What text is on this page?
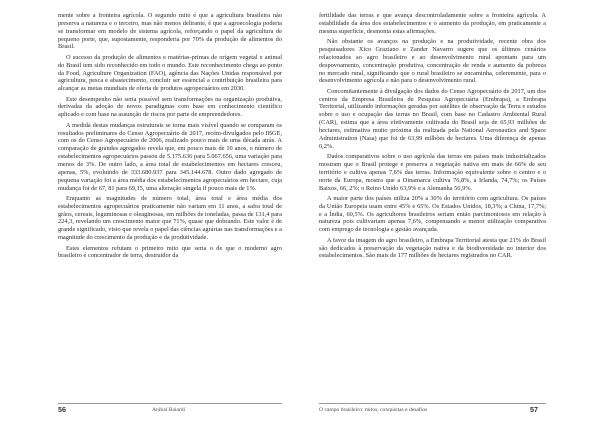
mente sobre a fronteira agrícola. O segundo mito é que a agricultura brasileira não preserva a natureza e o terceiro, mas não menos delirante, é que a agroecologia poderia se transformar em modelo de sistema agrícola, reforçando o papel da agricultura de pequeno porte, que, supostamente, responderia por 70% da produção de alimentos do Brasil.

O sucesso da produção de alimentos e matérias-primas de origem vegetal e animal do Brasil tem sido reconhecido em todo o mundo. Este reconhecimento chega ao ponto da Food, Agriculture Organization (FAO), agência das Nações Unidas responsável por agricultura, pesca e abastecimento, concluir ser essencial a contribuição brasileira para alcançar as metas mundiais de oferta de produtos agropecuários em 2030.

Este desempenho não seria possível sem transformações na organização produtiva, derivadas da adoção de novos paradigmas com base em conhecimento científico aplicado e com base na assunção de riscos por parte de empreendedores.

A medida destas mudanças estruturais se torna mais visível quando se comparam os resultados preliminares do Censo Agropecuário de 2017, recém-divulgados pelo IBGE, com os do Censo Agropecuário de 2006, realizado pouco mais de uma década atrás. A comparação de grandes agregados revela que, em pouco mais de 10 anos, o número de estabelecimentos agropecuários passou de 5.175.636 para 5.067.656, uma variação para menos de 3%. De outro lado, a área total de estabelecimentos em hectares cresceu, apenas, 5%, evoluindo de 333.680.937 para 345.144.678. Outro dado agregado de pequena variação foi a área média dos estabelecimentos agropecuários em hectare, cuja mudança foi de 67, 81 para 69,15, uma alteração singela if pouco mais de 1%.

Enquanto as magnitudes de número total, área total e área média dos estabelecimentos agropecuários praticamente não variam em 11 anos, a safra total de grãos, cereais, leguminosas e oleaginosas, em milhões de toneladas, passa de 131,4 para 224,3, revelando um crescimento maior que 71%, quase que dobrando. Este valor é de grande significado, visto que revela o papel das ciências agrárias nas transformações e a magnitude do crescimento da produção e da produtividade.

Estes elementos refutam o primeiro mito que seria o de que o moderno agro brasileiro é concentrador de terra, destruidor da

56	Anibal Baiardi

fertilidade das terras e que avança descontroladamente sobre a fronteira agrícola. A estabilidade da área dos estabelecimentos e o aumento da produção, em praticamente a mesma superfície, desmonta estas afirmações.

Não obstante os avanços na produção e na produtividade, recente obra dos pesquisadores Xico Graziano e Zander Navarro sugere que os últimos cenários relacionados ao agro brasileiro e ao desenvolvimento rural apontam para um despovoamento, concentração produtiva, concentração de renda e aumento da pobreza no mercado rural, significando que o rural brasileiro se encaminha, celeremente, para o desenvolvimento agrícola e não para o desenvolvimento rural.

Concomitantemente à divulgação dos dados do Censo Agropecuário de 2017, um dos centros da Empresa Brasileira de Pesquisa Agropecuária (Embrapa), a Embrapa Territorial, utilizando informações geradas por satélites de observação da Terra e estudos sobre o uso e ocupação das terras no Brasil, com base no Cadastro Ambiental Rural (CAR), estima que a área efetivamente cultivada do Brasil seja de 65,93 milhões de hectares, estimativa muito próxima da realizada pela National Aeronautics and Space Administration (Nasa) que foi de 63,99 milhões de hectares. Uma diferença de apenas 0,2%.

Dados comparativos sobre o uso agrícola das terras em países mais industrializados mostram que o Brasil protege e preserva a vegetação nativa em mais de 66% de seu território e cultiva apenas 7,6% das terras. Informação equivalente sobre o centro e o norte da Europa, mostra que a Dinamarca cultiva 76,8%, a Irlanda, 74,7%; os Países Baixos, 66, 2%; o Reino Unido 63,9% e a Alemanha 56,9%.

A maior parte dos países utiliza 20% a 30% do território com agricultura. Os países da União Europeia usam entre 45% e 65%. Os Estados Unidos, 18,3%; a China, 17,7%; e a Índia, 60,5%. Os agricultores brasileiros seriam então parcimoniosos em relação à natureza pois cultivariam apenas 7,6%, compensando a menor utilização comparativa com emprego de tecnologia e gestão avançada.

A favor da imagem do agro brasileiro, a Embrapa Territorial atesta que 21% do Brasil são dedicados à preservação da vegetação nativa e da biodiversidade no interior dos estabelecimentos. São mais de 177 milhões de hectares registrados no CAR.

O campo brasileiro: mitos, conquistas e desafios	57
